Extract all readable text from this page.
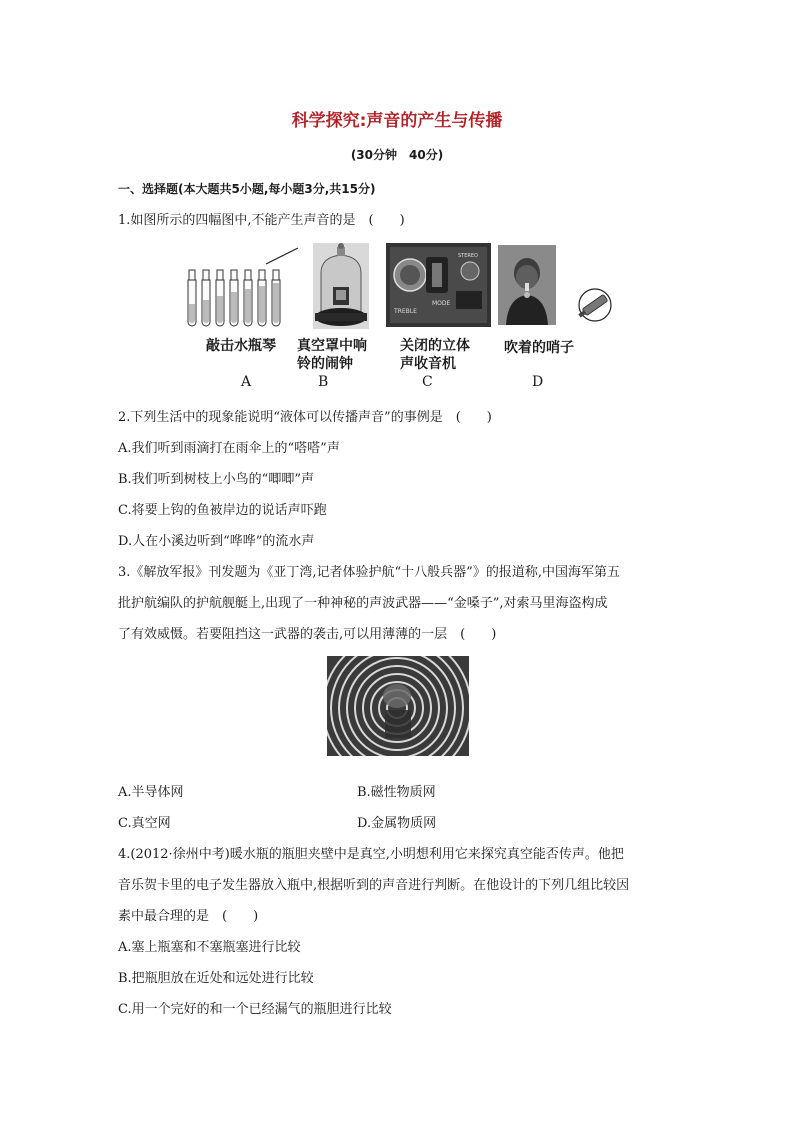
科学探究:声音的产生与传播
(30分钟　40分)
一、选择题(本大题共5小题,每小题3分,共15分)
1.如图所示的四幅图中,不能产生声音的是　(　　)
TREBLE
MODE
STEREO
敲击水瓶琴 真空罩中响
铃的闹钟
关闭的立体
声收音机
吹着的哨子
A	B	C	D
2.下列生活中的现象能说明“液体可以传播声音”的事例是　(　　)
A.我们听到雨滴打在雨伞上的“嗒嗒”声
B.我们听到树枝上小鸟的“唧唧”声
C.将要上钩的鱼被岸边的说话声吓跑
D.人在小溪边听到“哗哗”的流水声
3.《解放军报》刊发题为《亚丁湾,记者体验护航“十八般兵器”》的报道称,中国海军第五
批护航编队的护航舰艇上,出现了一种神秘的声波武器——“金嗓子”,对索马里海盗构成
了有效威慑。若要阻挡这一武器的袭击,可以用薄薄的一层　(　　)
A.半导体网	B.磁性物质网
C.真空网	D.金属物质网
4.(2012·徐州中考)暖水瓶的瓶胆夹壁中是真空,小明想利用它来探究真空能否传声。他把
音乐贺卡里的电子发生器放入瓶中,根据听到的声音进行判断。在他设计的下列几组比较因
素中最合理的是　(　　)
A.塞上瓶塞和不塞瓶塞进行比较
B.把瓶胆放在近处和远处进行比较
C.用一个完好的和一个已经漏气的瓶胆进行比较
